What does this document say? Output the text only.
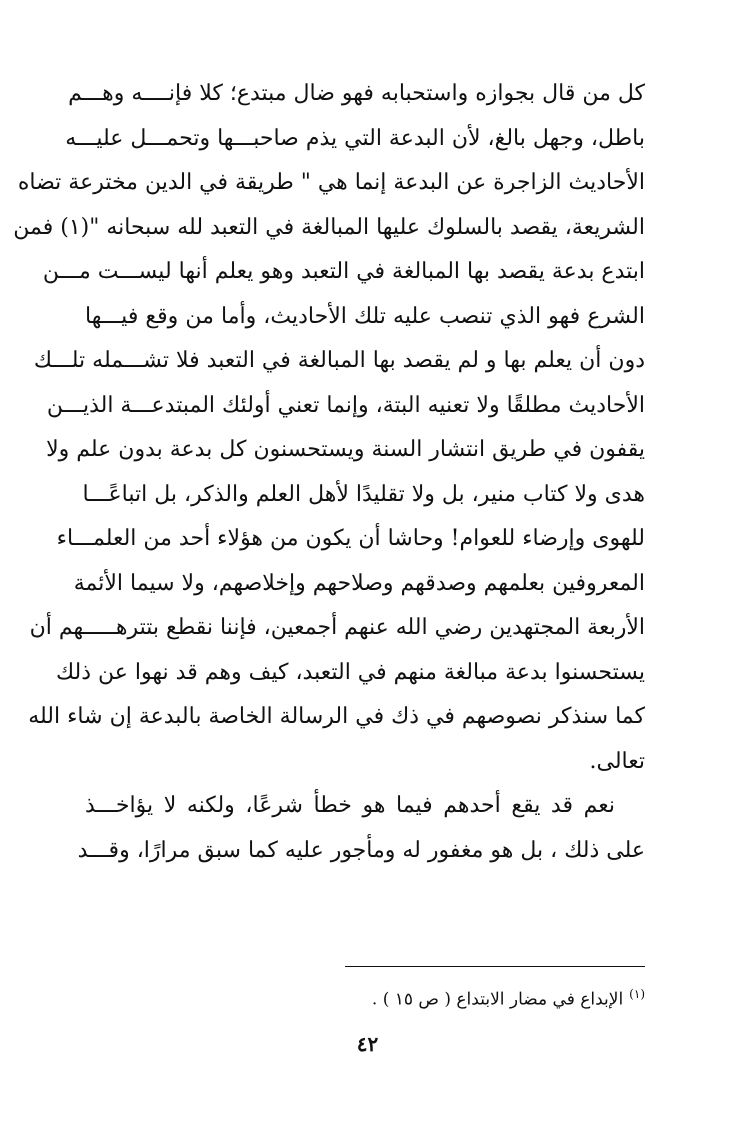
كل من قال بجوازه واستحبابه فهو ضال مبتدع؛ كلا فإنــــه وهـــم
باطل، وجهل بالغ، لأن البدعة التي يذم صاحبـــها وتحمـــل عليـــه
الأحاديث الزاجرة عن البدعة إنما هي " طريقة في الدين مخترعة تضاه
الشريعة، يقصد بالسلوك عليها المبالغة في التعبد لله سبحانه "(١) فمن
ابتدع بدعة يقصد بها المبالغة في التعبد وهو يعلم أنها ليســـت مـــن
الشرع فهو الذي تنصب عليه تلك الأحاديث، وأما من وقع فيـــها
دون أن يعلم بها و لم يقصد بها المبالغة في التعبد فلا تشـــمله تلـــك
الأحاديث مطلقًا ولا تعنيه البتة، وإنما تعني أولئك المبتدعـــة الذيـــن
يقفون في طريق انتشار السنة ويستحسنون كل بدعة بدون علم ولا
هدى ولا كتاب منير، بل ولا تقليدًا لأهل العلم والذكر، بل اتباعًـــا
للهوى وإرضاء للعوام! وحاشا أن يكون من هؤلاء أحد من العلمـــاء
المعروفين بعلمهم وصدقهم وصلاحهم وإخلاصهم، ولا سيما الأئمة
الأربعة المجتهدين رضي الله عنهم أجمعين، فإننا نقطع بتترهـــــهم أن
يستحسنوا بدعة مبالغة منهم في التعبد، كيف وهم قد نهوا عن ذلك
كما سنذكر نصوصهم في ذك في الرسالة الخاصة بالبدعة إن شاء الله
تعالى.
نعم قد يقع أحدهم فيما هو خطأ شرعًا، ولكنه لا يؤاخـــذ
على ذلك ، بل هو مغفور له ومأجور عليه كما سبق مرارًا، وقـــد
$^{(١)}$الإبداع في مضار الابتداع ( ص ١٥ ) .
٤٢
